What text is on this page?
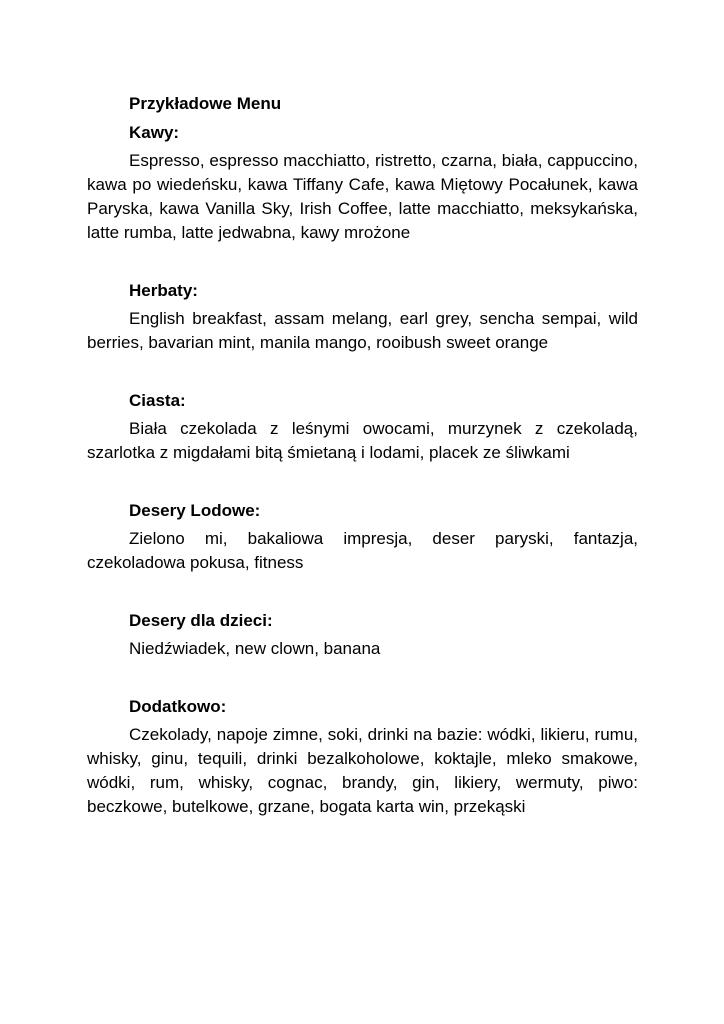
Przykładowe Menu
Kawy:

Espresso, espresso macchiatto, ristretto, czarna, biała, cappuccino, kawa po wiedeńsku, kawa Tiffany Cafe, kawa Miętowy Pocałunek, kawa Paryska, kawa Vanilla Sky, Irish Coffee, latte macchiatto, meksykańska, latte rumba, latte jedwabna, kawy mrożone

Herbaty:

English breakfast, assam melang, earl grey, sencha sempai, wild berries, bavarian mint, manila mango, rooibush sweet orange

Ciasta:

Biała czekolada z leśnymi owocami, murzynek z czekoladą, szarlotka z migdałami bitą śmietaną i lodami, placek ze śliwkami

Desery Lodowe:

Zielono mi, bakaliowa impresja, deser paryski, fantazja, czekoladowa pokusa, fitness

Desery dla dzieci:

Niedźwiadek, new clown, banana

Dodatkowo:

Czekolady, napoje zimne, soki, drinki na bazie: wódki, likieru, rumu, whisky, ginu, tequili, drinki bezalkoholowe, koktajle, mleko smakowe, wódki, rum, whisky, cognac, brandy, gin, likiery, wermuty, piwo: beczkowe, butelkowe, grzane, bogata karta win, przekąski
